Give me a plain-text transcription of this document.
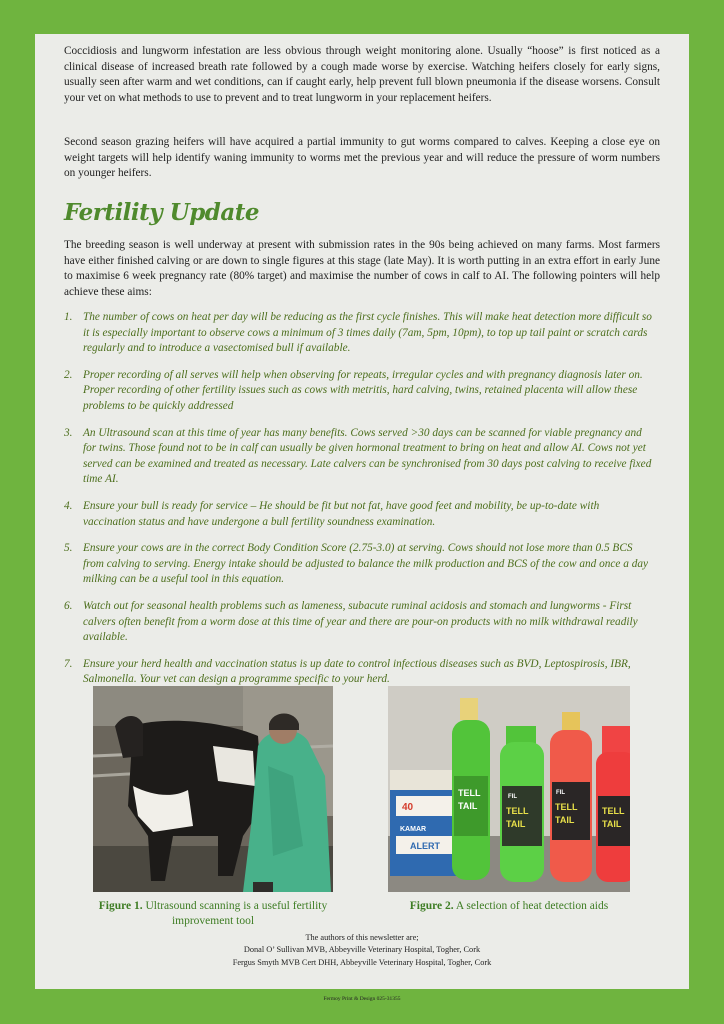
Coccidiosis and lungworm infestation are less obvious through weight monitoring alone. Usually “hoose” is first noticed as a clinical disease of increased breath rate followed by a cough made worse by exercise. Watching heifers closely for early signs, usually seen after warm and wet conditions, can if caught early, help prevent full blown pneumonia if the disease worsens. Consult your vet on what methods to use to prevent and to treat lungworm in your replacement heifers.

Second season grazing heifers will have acquired a partial immunity to gut worms compared to calves. Keeping a close eye on weight targets will help identify waning immunity to worms met the previous year and will reduce the pressure of worm numbers on younger heifers.

Fertility Update

The breeding season is well underway at present with submission rates in the 90s being achieved on many farms. Most farmers have either finished calving or are down to single figures at this stage (late May). It is worth putting in an extra effort in early June to maximise 6 week pregnancy rate (80% target) and maximise the number of cows in calf to AI. The following pointers will help achieve these aims:

1. The number of cows on heat per day will be reducing as the first cycle finishes. This will make heat detection more difficult so it is especially important to observe cows a minimum of 3 times daily (7am, 5pm, 10pm), to top up tail paint or scratch cards regularly and to introduce a vasectomised bull if available.
2. Proper recording of all serves will help when observing for repeats, irregular cycles and with pregnancy diagnosis later on. Proper recording of other fertility issues such as cows with metritis, hard calving, twins, retained placenta will allow these problems to be quickly addressed
3. An Ultrasound scan at this time of year has many benefits. Cows served >30 days can be scanned for viable pregnancy and for twins. Those found not to be in calf can usually be given hormonal treatment to bring on heat and allow AI. Cows not yet served can be examined and treated as necessary. Late calvers can be synchronised from 30 days post calving to receive fixed time AI.
4. Ensure your bull is ready for service – He should be fit but not fat, have good feet and mobility, be up-to-date with vaccination status and have undergone a bull fertility soundness examination.
5. Ensure your cows are in the correct Body Condition Score (2.75-3.0) at serving. Cows should not lose more than 0.5 BCS from calving to serving. Energy intake should be adjusted to balance the milk production and BCS of the cow and once a day milking can be a useful tool in this equation.
6. Watch out for seasonal health problems such as lameness, subacute ruminal acidosis and stomach and lungworms - First calvers often benefit from a worm dose at this time of year and there are pour-on products with no milk withdrawal readily available.
7. Ensure your herd health and vaccination status is up date to control infectious diseases such as BVD, Leptospirosis, IBR, Salmonella. Your vet can design a programme specific to your herd.
40
KAMAR
ALERT
TELL
TAIL
FIL
TELL
TAIL
FIL
TELL
TAIL
TELL
TAIL

Figure 1. Ultrasound scanning is a useful fertility improvement tool

Figure 2. A selection of heat detection aids

The authors of this newsletter are;
Donal O’ Sullivan MVB, Abbeyville Veterinary Hospital, Togher, Cork
Fergus Smyth MVB Cert DHH, Abbeyville Veterinary Hospital, Togher, Cork

Fermoy Print & Design 025-31355
